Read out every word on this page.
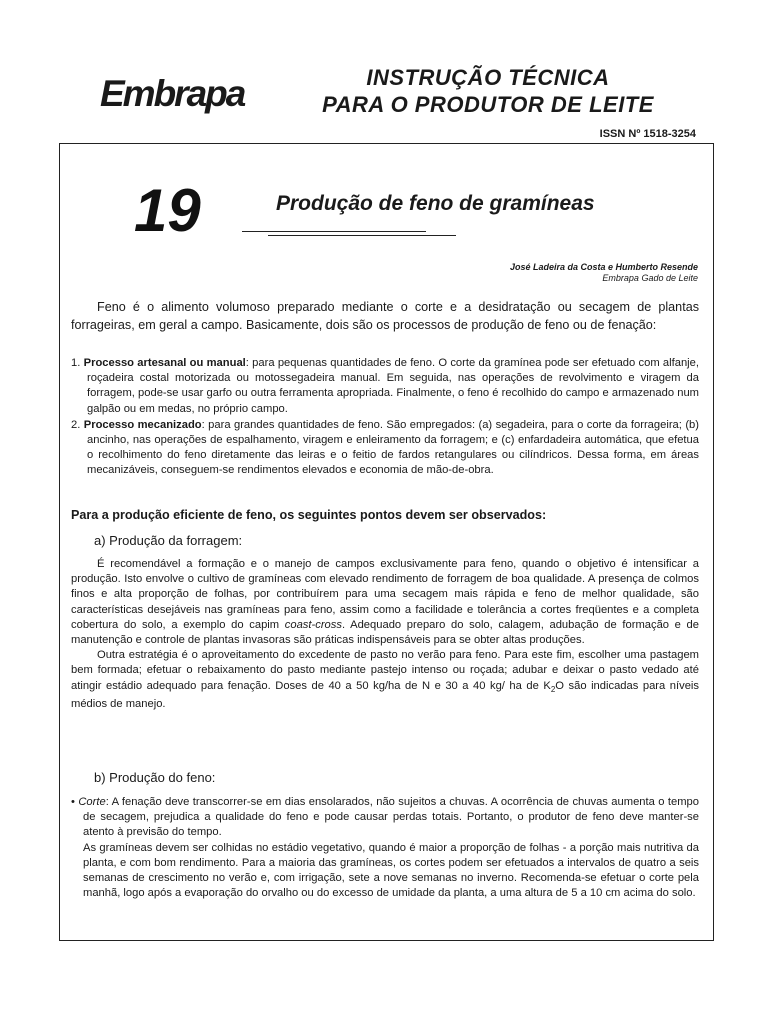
Embrapa	INSTRUÇÃO TÉCNICA
PARA O PRODUTOR DE LEITE
ISSN Nº 1518-3254
19	Produção de feno de gramíneas
José Ladeira da Costa e Humberto Resende
Embrapa Gado de Leite

Feno é o alimento volumoso preparado mediante o corte e a desidratação ou secagem de plantas forrageiras, em geral a campo. Basicamente, dois são os processos de produção de feno ou de fenação:

1. Processo artesanal ou manual: para pequenas quantidades de feno. O corte da gramínea pode ser efetuado com alfanje, roçadeira costal motorizada ou motossegadeira manual. Em seguida, nas operações de revolvimento e viragem da forragem, pode-se usar garfo ou outra ferramenta apropriada. Finalmente, o feno é recolhido do campo e armazenado num galpão ou em medas, no próprio campo.
2. Processo mecanizado: para grandes quantidades de feno. São empregados: (a) segadeira, para o corte da forrageira; (b) ancinho, nas operações de espalhamento, viragem e enleiramento da forragem; e (c) enfardadeira automática, que efetua o recolhimento do feno diretamente das leiras e o feitio de fardos retangulares ou cilíndricos. Dessa forma, em áreas mecanizáveis, conseguem-se rendimentos elevados e economia de mão-de-obra.

Para a produção eficiente de feno, os seguintes pontos devem ser observados:

a) Produção da forragem:

É recomendável a formação e o manejo de campos exclusivamente para feno, quando o objetivo é intensificar a produção. Isto envolve o cultivo de gramíneas com elevado rendimento de forragem de boa qualidade. A presença de colmos finos e alta proporção de folhas, por contribuírem para uma secagem mais rápida e feno de melhor qualidade, são características desejáveis nas gramíneas para feno, assim como a facilidade e tolerância a cortes freqüentes e a completa cobertura do solo, a exemplo do capim coast-cross. Adequado preparo do solo, calagem, adubação de formação e de manutenção e controle de plantas invasoras são práticas indispensáveis para se obter altas produções.

Outra estratégia é o aproveitamento do excedente de pasto no verão para feno. Para este fim, escolher uma pastagem bem formada; efetuar o rebaixamento do pasto mediante pastejo intenso ou roçada; adubar e deixar o pasto vedado até atingir estádio adequado para fenação. Doses de 40 a 50 kg/ha de N e 30 a 40 kg/ ha de $K_2O$ são indicadas para níveis médios de manejo.

b) Produção do feno:

• Corte: A fenação deve transcorrer-se em dias ensolarados, não sujeitos a chuvas. A ocorrência de chuvas aumenta o tempo de secagem, prejudica a qualidade do feno e pode causar perdas totais. Portanto, o produtor de feno deve manter-se atento à previsão do tempo.

As gramíneas devem ser colhidas no estádio vegetativo, quando é maior a proporção de folhas - a porção mais nutritiva da planta, e com bom rendimento. Para a maioria das gramíneas, os cortes podem ser efetuados a intervalos de quatro a seis semanas de crescimento no verão e, com irrigação, sete a nove semanas no inverno. Recomenda-se efetuar o corte pela manhã, logo após a evaporação do orvalho ou do excesso de umidade da planta, a uma altura de 5 a 10 cm acima do solo.
